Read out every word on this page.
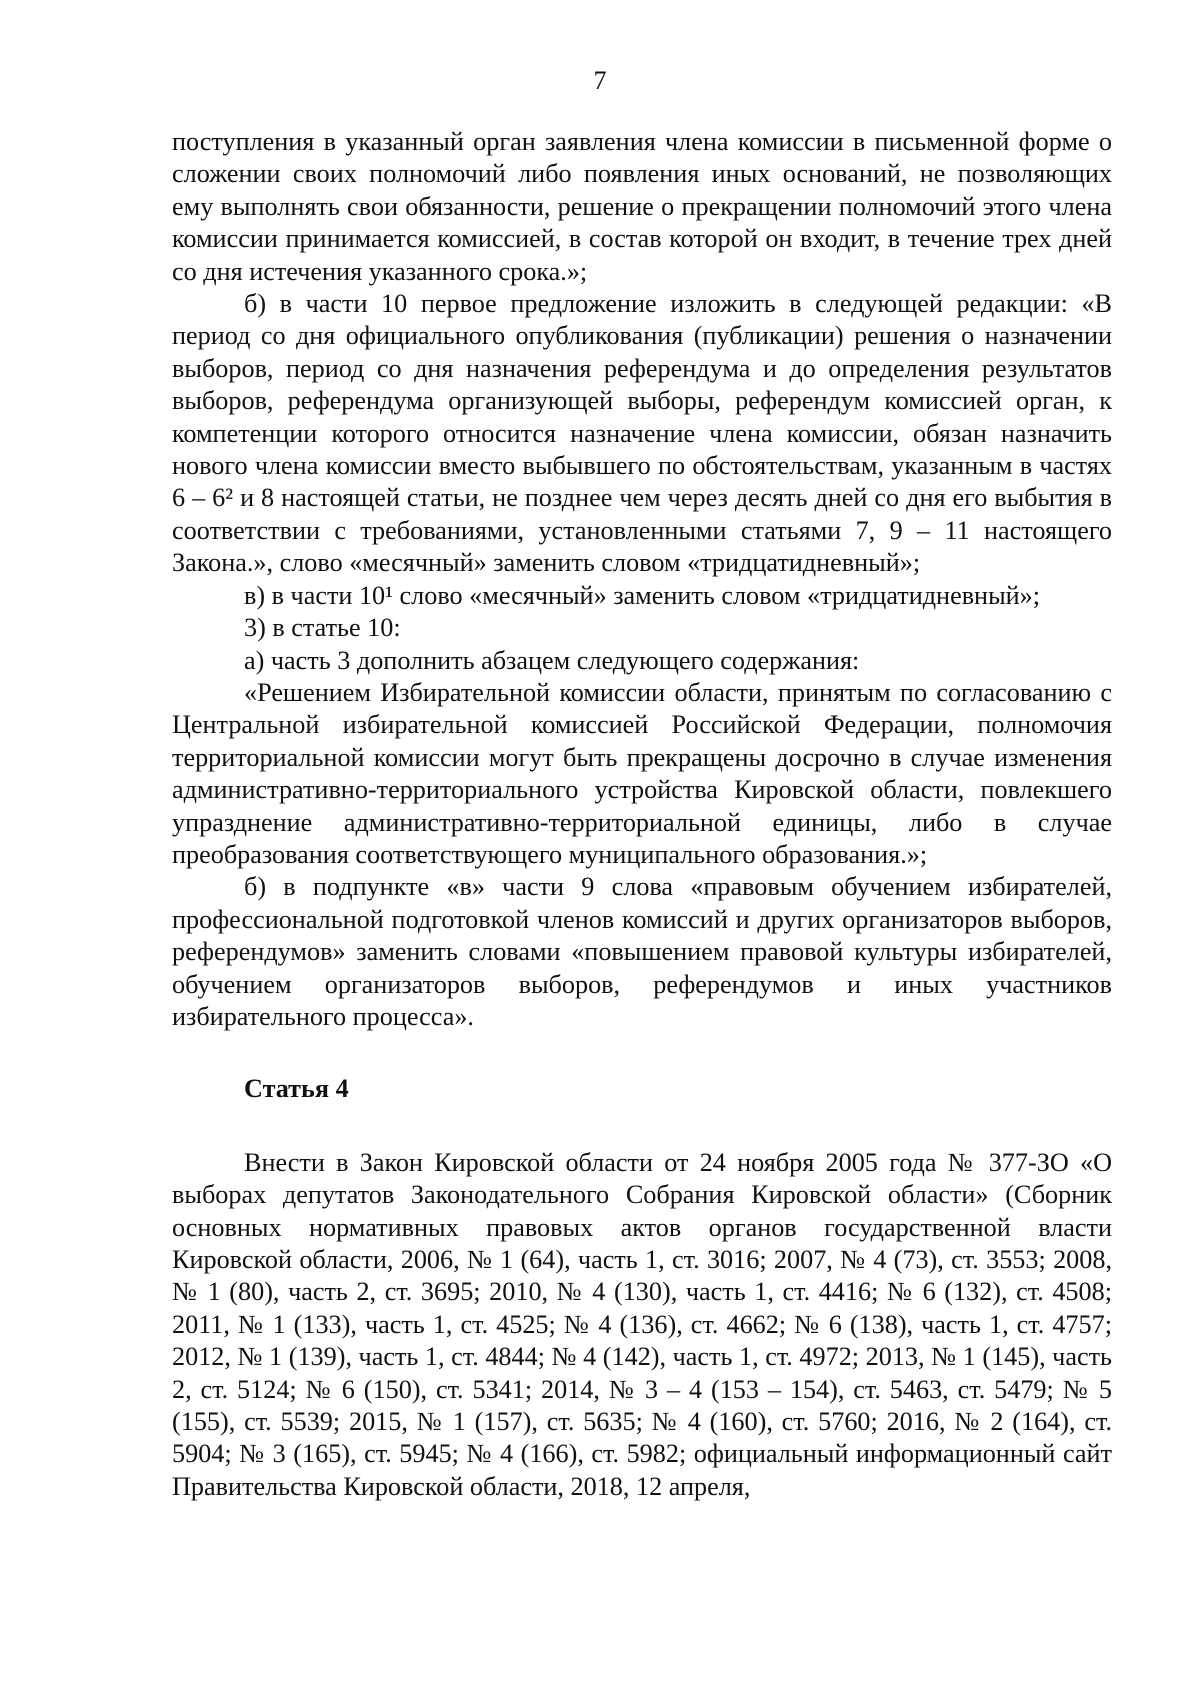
7

поступления в указанный орган заявления члена комиссии в письменной форме о сложении своих полномочий либо появления иных оснований, не позволяющих ему выполнять свои обязанности, решение о прекращении полномочий этого члена комиссии принимается комиссией, в состав которой он входит, в течение трех дней со дня истечения указанного срока.»;

б) в части 10 первое предложение изложить в следующей редакции: «В период со дня официального опубликования (публикации) решения о назначении выборов, период со дня назначения референдума и до определения результатов выборов, референдума организующей выборы, референдум комиссией орган, к компетенции которого относится назначение члена комиссии, обязан назначить нового члена комиссии вместо выбывшего по обстоятельствам, указанным в частях 6 – 6² и 8 настоящей статьи, не позднее чем через десять дней со дня его выбытия в соответствии с требованиями, установленными статьями 7, 9 – 11 настоящего Закона.», слово «месячный» заменить словом «тридцатидневный»;

в) в части 10¹ слово «месячный» заменить словом «тридцатидневный»;

3) в статье 10:

а) часть 3 дополнить абзацем следующего содержания:

«Решением Избирательной комиссии области, принятым по согласованию с Центральной избирательной комиссией Российской Федерации, полномочия территориальной комиссии могут быть прекращены досрочно в случае изменения административно-территориального устройства Кировской области, повлекшего упразднение административно-территориальной единицы, либо в случае преобразования соответствующего муниципального образования.»;

б) в подпункте «в» части 9 слова «правовым обучением избирателей, профессиональной подготовкой членов комиссий и других организаторов выборов, референдумов» заменить словами «повышением правовой культуры избирателей, обучением организаторов выборов, референдумов и иных участников избирательного процесса».

Статья 4

Внести в Закон Кировской области от 24 ноября 2005 года № 377-ЗО «О выборах депутатов Законодательного Собрания Кировской области» (Сборник основных нормативных правовых актов органов государственной власти Кировской области, 2006, № 1 (64), часть 1, ст. 3016; 2007, № 4 (73), ст. 3553; 2008, № 1 (80), часть 2, ст. 3695; 2010, № 4 (130), часть 1, ст. 4416; № 6 (132), ст. 4508; 2011, № 1 (133), часть 1, ст. 4525; № 4 (136), ст. 4662; № 6 (138), часть 1, ст. 4757; 2012, № 1 (139), часть 1, ст. 4844; № 4 (142), часть 1, ст. 4972; 2013, № 1 (145), часть 2, ст. 5124; № 6 (150), ст. 5341; 2014, № 3 – 4 (153 – 154), ст. 5463, ст. 5479; № 5 (155), ст. 5539; 2015, № 1 (157), ст. 5635; № 4 (160), ст. 5760; 2016, № 2 (164), ст. 5904; № 3 (165), ст. 5945; № 4 (166), ст. 5982; официальный информационный сайт Правительства Кировской области, 2018, 12 апреля,
